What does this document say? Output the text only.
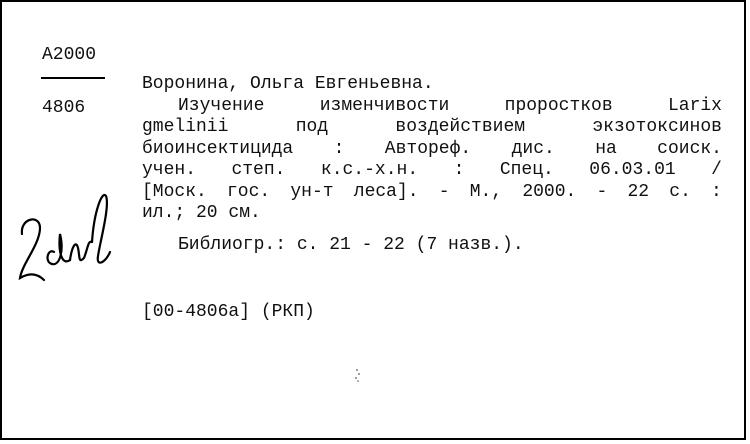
A2000
4806
Воронина, Ольга Евгеньевна.
Изучение	изменчивости	проростков	Larix
gmelinii	под	воздействием	экзотоксинов
биоинсектицида : Автореф. дис. на соиск.
учен. степ. к.с.-х.н. : Спец. 06.03.01 /
[Моск. гос. ун-т леса]. - М., 2000. - 22 с. :
ил.; 20 см.
Библиогр.: с. 21 - 22 (7 назв.).
[00-4806а] (РКП)
